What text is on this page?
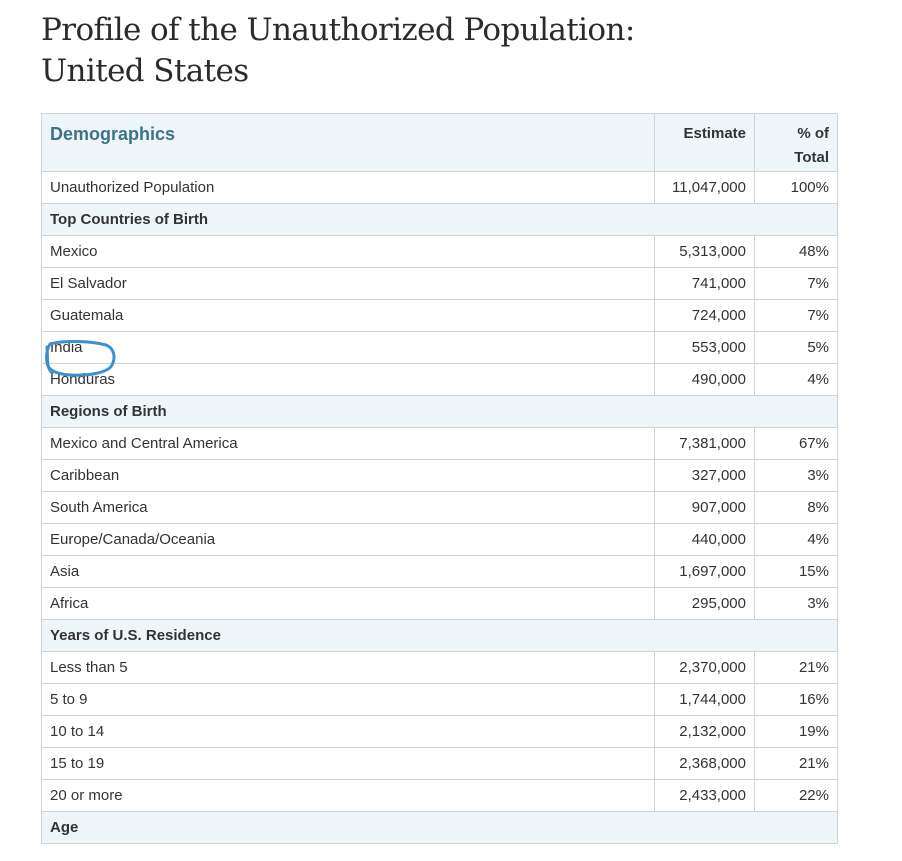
Profile of the Unauthorized Population:
United States
Demographics	Estimate	% of
Total
Unauthorized Population	11,047,000	100%
Top Countries of Birth		
Mexico	5,313,000	48%
El Salvador	741,000	7%
Guatemala	724,000	7%
India	553,000	5%
Honduras	490,000	4%
Regions of Birth		
Mexico and Central America	7,381,000	67%
Caribbean	327,000	3%
South America	907,000	8%
Europe/Canada/Oceania	440,000	4%
Asia	1,697,000	15%
Africa	295,000	3%
Years of U.S. Residence		
Less than 5	2,370,000	21%
5 to 9	1,744,000	16%
10 to 14	2,132,000	19%
15 to 19	2,368,000	21%
20 or more	2,433,000	22%
Age		
